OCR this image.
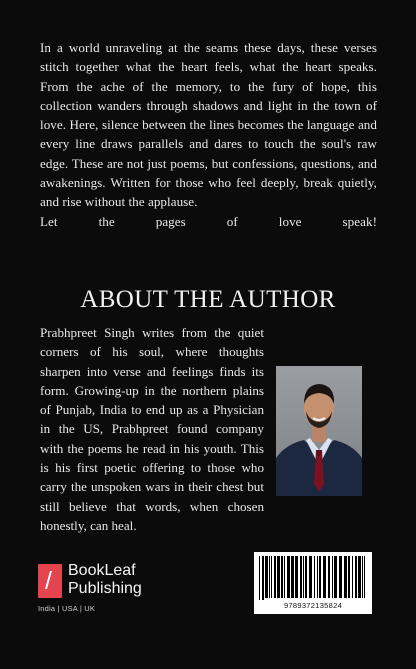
In a world unraveling at the seams these days, these verses stitch together what the heart feels, what the heart speaks. From the ache of the memory, to the fury of hope, this collection wanders through shadows and light in the town of love. Here, silence between the lines becomes the language and every line draws parallels and dares to touch the soul's raw edge. These are not just poems, but confessions, questions, and awakenings. Written for those who feel deeply, break quietly, and rise without the applause.

Let the pages of love speak!

ABOUT THE AUTHOR
Prabhpreet Singh writes from the quiet corners of his soul, where thoughts sharpen into verse and feelings finds its form. Growing-up in the northern plains of Punjab, India to end up as a Physician in the US, Prabhpreet found company with the poems he read in his youth. This is his first poetic offering to those who carry the unspoken wars in their chest but still believe that words, when chosen honestly, can heal.
/ BookLeaf
Publishing
India | USA | UK	9789372135824
